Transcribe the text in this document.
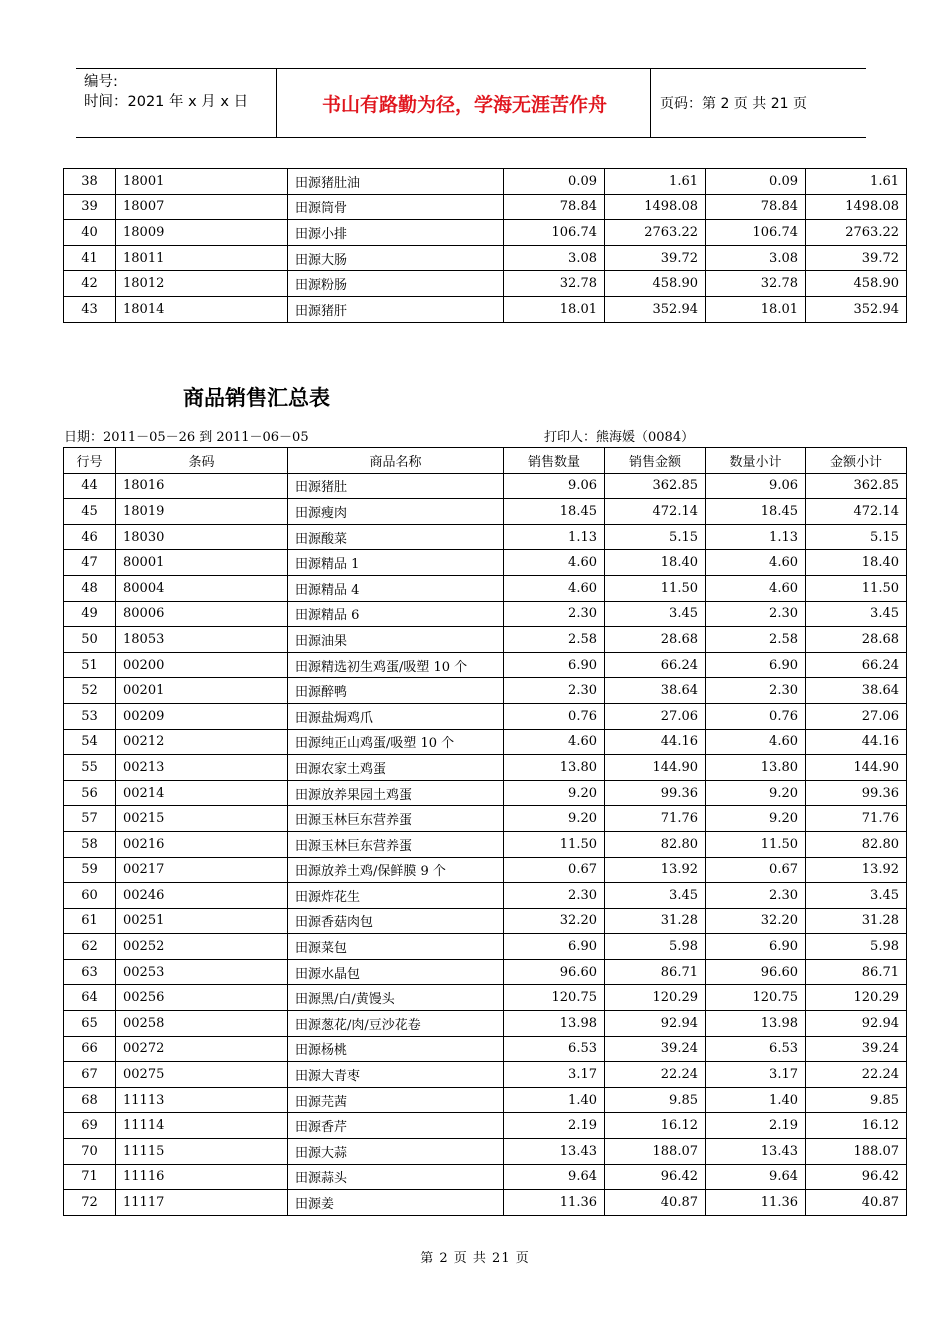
编号:
时间：2021 年 x 月 x 日	书山有路勤为径，学海无涯苦作舟	页码：第 2 页 共 21 页
38	18001	田源猪肚油	0.09	1.61	0.09	1.61
39	18007	田源筒骨	78.84	1498.08	78.84	1498.08
40	18009	田源小排	106.74	2763.22	106.74	2763.22
41	18011	田源大肠	3.08	39.72	3.08	39.72
42	18012	田源粉肠	32.78	458.90	32.78	458.90
43	18014	田源猪肝	18.01	352.94	18.01	352.94
商品销售汇总表
日期：2011－05－26 到 2011－06－05	打印人：熊海媛（0084）
行号	条码	商品名称	销售数量	销售金额	数量小计	金额小计
44	18016	田源猪肚	9.06	362.85	9.06	362.85
45	18019	田源瘦肉	18.45	472.14	18.45	472.14
46	18030	田源酸菜	1.13	5.15	1.13	5.15
47	80001	田源精品 1	4.60	18.40	4.60	18.40
48	80004	田源精品 4	4.60	11.50	4.60	11.50
49	80006	田源精品 6	2.30	3.45	2.30	3.45
50	18053	田源油果	2.58	28.68	2.58	28.68
51	00200	田源精选初生鸡蛋/吸塑 10 个	6.90	66.24	6.90	66.24
52	00201	田源醉鸭	2.30	38.64	2.30	38.64
53	00209	田源盐焗鸡爪	0.76	27.06	0.76	27.06
54	00212	田源纯正山鸡蛋/吸塑 10 个	4.60	44.16	4.60	44.16
55	00213	田源农家土鸡蛋	13.80	144.90	13.80	144.90
56	00214	田源放养果园土鸡蛋	9.20	99.36	9.20	99.36
57	00215	田源玉林巨东营养蛋	9.20	71.76	9.20	71.76
58	00216	田源玉林巨东营养蛋	11.50	82.80	11.50	82.80
59	00217	田源放养土鸡/保鲜膜 9 个	0.67	13.92	0.67	13.92
60	00246	田源炸花生	2.30	3.45	2.30	3.45
61	00251	田源香菇肉包	32.20	31.28	32.20	31.28
62	00252	田源菜包	6.90	5.98	6.90	5.98
63	00253	田源水晶包	96.60	86.71	96.60	86.71
64	00256	田源黑/白/黄馒头	120.75	120.29	120.75	120.29
65	00258	田源葱花/肉/豆沙花卷	13.98	92.94	13.98	92.94
66	00272	田源杨桃	6.53	39.24	6.53	39.24
67	00275	田源大青枣	3.17	22.24	3.17	22.24
68	11113	田源芫茜	1.40	9.85	1.40	9.85
69	11114	田源香芹	2.19	16.12	2.19	16.12
70	11115	田源大蒜	13.43	188.07	13.43	188.07
71	11116	田源蒜头	9.64	96.42	9.64	96.42
72	11117	田源姜	11.36	40.87	11.36	40.87
第 2 页 共 21 页
